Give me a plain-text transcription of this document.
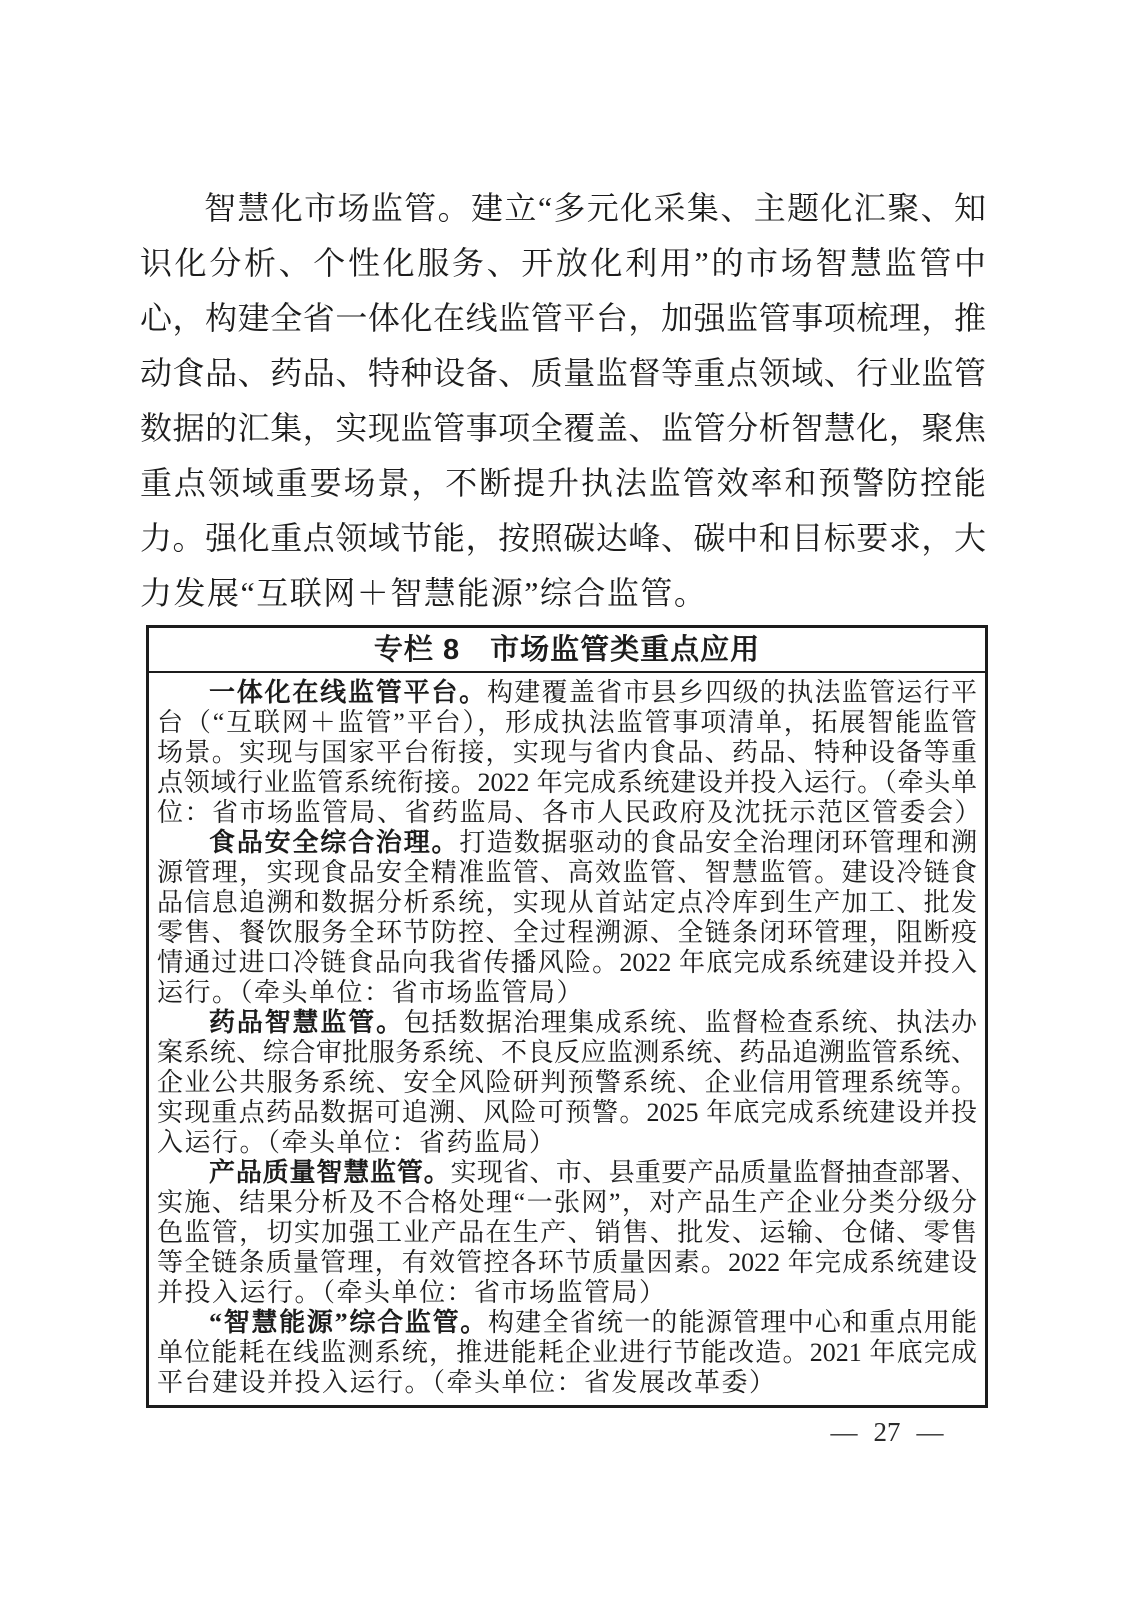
智慧化市场监管。建立“多元化采集、主题化汇聚、知
识化分析、个性化服务、开放化利用”的市场智慧监管中
心，构建全省一体化在线监管平台，加强监管事项梳理，推
动食品、药品、特种设备、质量监督等重点领域、行业监管
数据的汇集，实现监管事项全覆盖、监管分析智慧化，聚焦
重点领域重要场景，不断提升执法监管效率和预警防控能
力。强化重点领域节能，按照碳达峰、碳中和目标要求，大
力发展“互联网＋智慧能源”综合监管。
专栏 8　市场监管类重点应用
一体化在线监管平台。构建覆盖省市县乡四级的执法监管运行平
台（“互联网＋监管”平台），形成执法监管事项清单，拓展智能监管
场景。实现与国家平台衔接，实现与省内食品、药品、特种设备等重
点领域行业监管系统衔接。2022 年完成系统建设并投入运行。（牵头单
位：省市场监管局、省药监局、各市人民政府及沈抚示范区管委会）
食品安全综合治理。打造数据驱动的食品安全治理闭环管理和溯
源管理，实现食品安全精准监管、高效监管、智慧监管。建设冷链食
品信息追溯和数据分析系统，实现从首站定点冷库到生产加工、批发
零售、餐饮服务全环节防控、全过程溯源、全链条闭环管理，阻断疫
情通过进口冷链食品向我省传播风险。2022 年底完成系统建设并投入
运行。（牵头单位：省市场监管局）
药品智慧监管。包括数据治理集成系统、监督检查系统、执法办
案系统、综合审批服务系统、不良反应监测系统、药品追溯监管系统、
企业公共服务系统、安全风险研判预警系统、企业信用管理系统等。
实现重点药品数据可追溯、风险可预警。2025 年底完成系统建设并投
入运行。（牵头单位：省药监局）
产品质量智慧监管。实现省、市、县重要产品质量监督抽查部署、
实施、结果分析及不合格处理“一张网”，对产品生产企业分类分级分
色监管，切实加强工业产品在生产、销售、批发、运输、仓储、零售
等全链条质量管理，有效管控各环节质量因素。2022 年完成系统建设
并投入运行。（牵头单位：省市场监管局）
“智慧能源”综合监管。构建全省统一的能源管理中心和重点用能
单位能耗在线监测系统，推进能耗企业进行节能改造。2021 年底完成
平台建设并投入运行。（牵头单位：省发展改革委）
— 27 —
